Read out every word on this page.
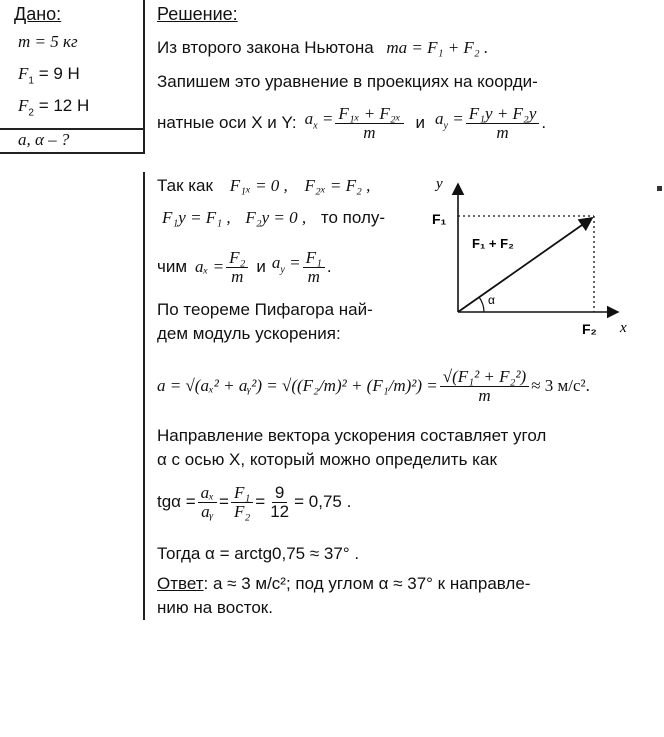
Дано:
m = 5 кг
$F_1 = 9$ Н
$F_2 = 12$ Н
a, α – ?
Решение:
Из второго закона Ньютона ma = F₁ + F₂ .
Запишем это уравнение в проекциях на коорди-
натные оси X и Y: $a_x = \frac{\text{F₁ₓ + F₂ₓ}}{m}$ и $a_y = \frac{\text{F₁y + F₂y}}{m}$ .
Так как F₁ₓ = 0 , F₂ₓ = F₂ ,
F₁y = F₁ , F₂y = 0 , то полу-
чим $a_x = \frac{\text{F₂}}{m}$ и $a_y = \frac{\text{F₁}}{m}$ .
По теореме Пифагора най-
дем модуль ускорения:
y
x
F₁
F₂
F₁ + F₂
α
a = √(aₓ² + aᵧ²) = $√((F_2/m)^2 + (F_1/m)^2) = \frac{\text{√(F₁² + F₂²)}}{m} \approx 3$ м/с².
Направление вектора ускорения составляет угол
α с осью X, который можно определить как
$tg\alpha = \frac{\text{aₓ}}{\text{aᵧ}} = \frac{\text{F₁}}{\text{F₂}} = \frac{9}{12} = 0,75$ .
Тогда α = arctg0,75 ≈ 37° .
Ответ: a ≈ 3 м/с²; под углом α ≈ 37° к направле-
нию на восток.
